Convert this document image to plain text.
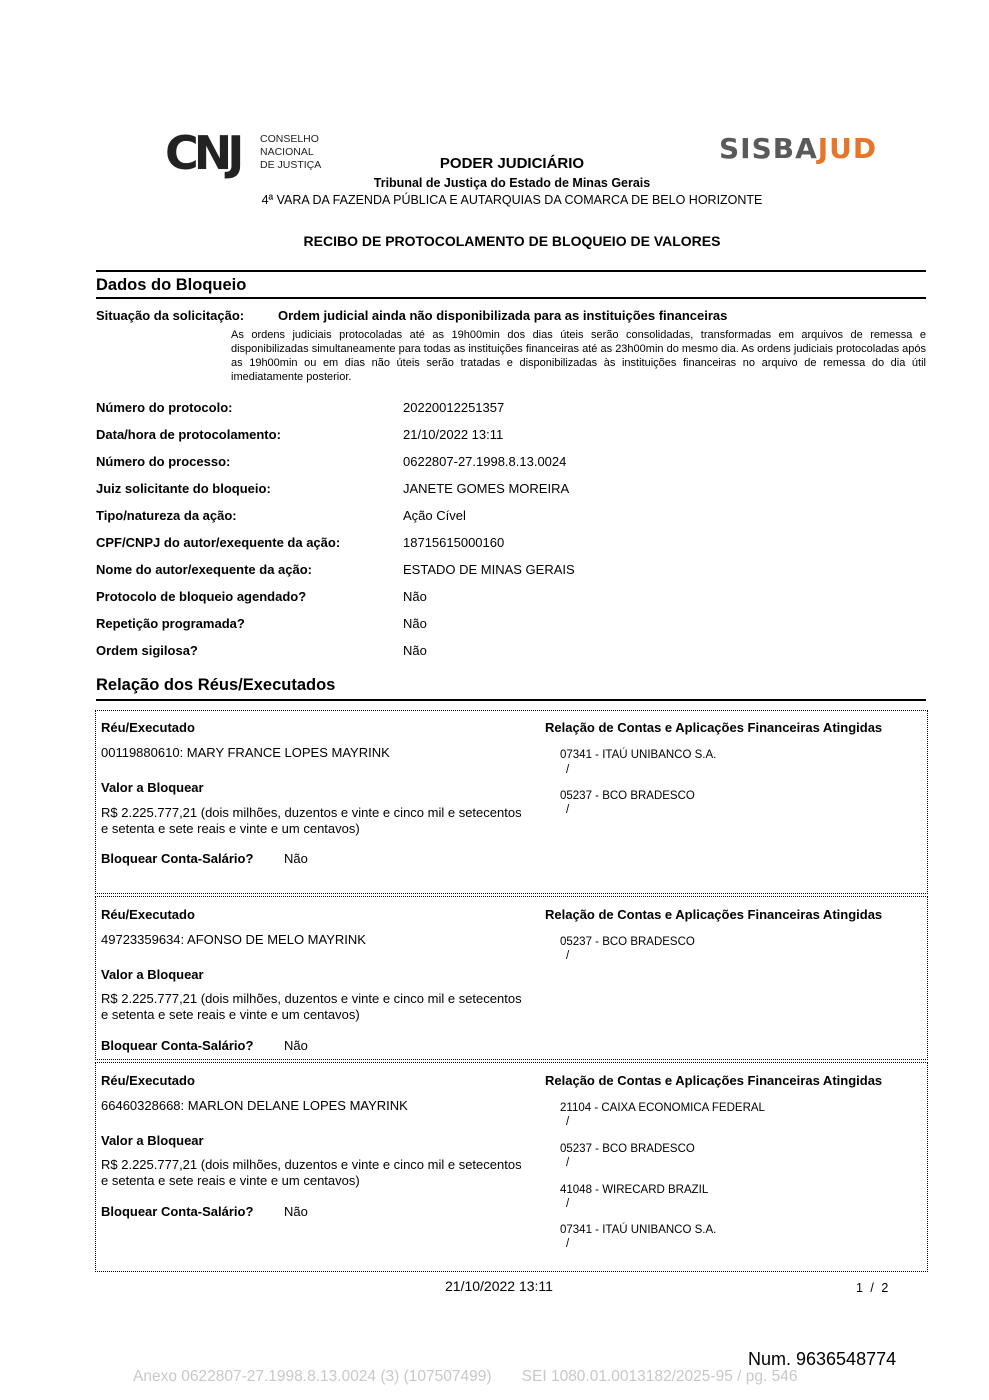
CNJ CONSELHO
NACIONAL
DE JUSTIÇA	SISBAJUD
PODER JUDICIÁRIO
Tribunal de Justiça do Estado de Minas Gerais
4ª VARA DA FAZENDA PÚBLICA E AUTARQUIAS DA COMARCA DE BELO HORIZONTE
RECIBO DE PROTOCOLAMENTO DE BLOQUEIO DE VALORES
Dados do Bloqueio
Situação da solicitação:	Ordem judicial ainda não disponibilizada para as instituições financeiras
As ordens judiciais protocoladas até as 19h00min dos dias úteis serão consolidadas, transformadas em arquivos de remessa e disponibilizadas simultaneamente para todas as instituições financeiras até as 23h00min do mesmo dia. As ordens judiciais protocoladas após as 19h00min ou em dias não úteis serão tratadas e disponibilizadas às instituições financeiras no arquivo de remessa do dia útil imediatamente posterior.
Número do protocolo:	20220012251357
Data/hora de protocolamento:	21/10/2022 13:11
Número do processo:	0622807-27.1998.8.13.0024
Juiz solicitante do bloqueio:	JANETE GOMES MOREIRA
Tipo/natureza da ação:	Ação Cível
CPF/CNPJ do autor/exequente da ação:	18715615000160
Nome do autor/exequente da ação:	ESTADO DE MINAS GERAIS
Protocolo de bloqueio agendado?	Não
Repetição programada?	Não
Ordem sigilosa?	Não
Relação dos Réus/Executados
Réu/Executado	Relação de Contas e Aplicações Financeiras Atingidas
00119880610: MARY FRANCE LOPES MAYRINK
Valor a Bloquear
R$ 2.225.777,21 (dois milhões, duzentos e vinte e cinco mil e setecentos
e setenta e sete reais e vinte e um centavos)
Bloquear Conta-Salário? Não
07341 - ITAÚ UNIBANCO S.A.
/
05237 - BCO BRADESCO
/
Réu/Executado	Relação de Contas e Aplicações Financeiras Atingidas
49723359634: AFONSO DE MELO MAYRINK
Valor a Bloquear
R$ 2.225.777,21 (dois milhões, duzentos e vinte e cinco mil e setecentos
e setenta e sete reais e vinte e um centavos)
Bloquear Conta-Salário? Não
05237 - BCO BRADESCO
/
Réu/Executado	Relação de Contas e Aplicações Financeiras Atingidas
66460328668: MARLON DELANE LOPES MAYRINK
Valor a Bloquear
R$ 2.225.777,21 (dois milhões, duzentos e vinte e cinco mil e setecentos
e setenta e sete reais e vinte e um centavos)
Bloquear Conta-Salário? Não
21104 - CAIXA ECONOMICA FEDERAL
/
05237 - BCO BRADESCO
/
41048 - WIRECARD BRAZIL
/
07341 - ITAÚ UNIBANCO S.A.
/
21/10/2022 13:11	1 / 2
Num. 9636548774
Anexo 0622807-27.1998.8.13.0024 (3) (107507499)       SEI 1080.01.0013182/2025-95 / pg. 546
